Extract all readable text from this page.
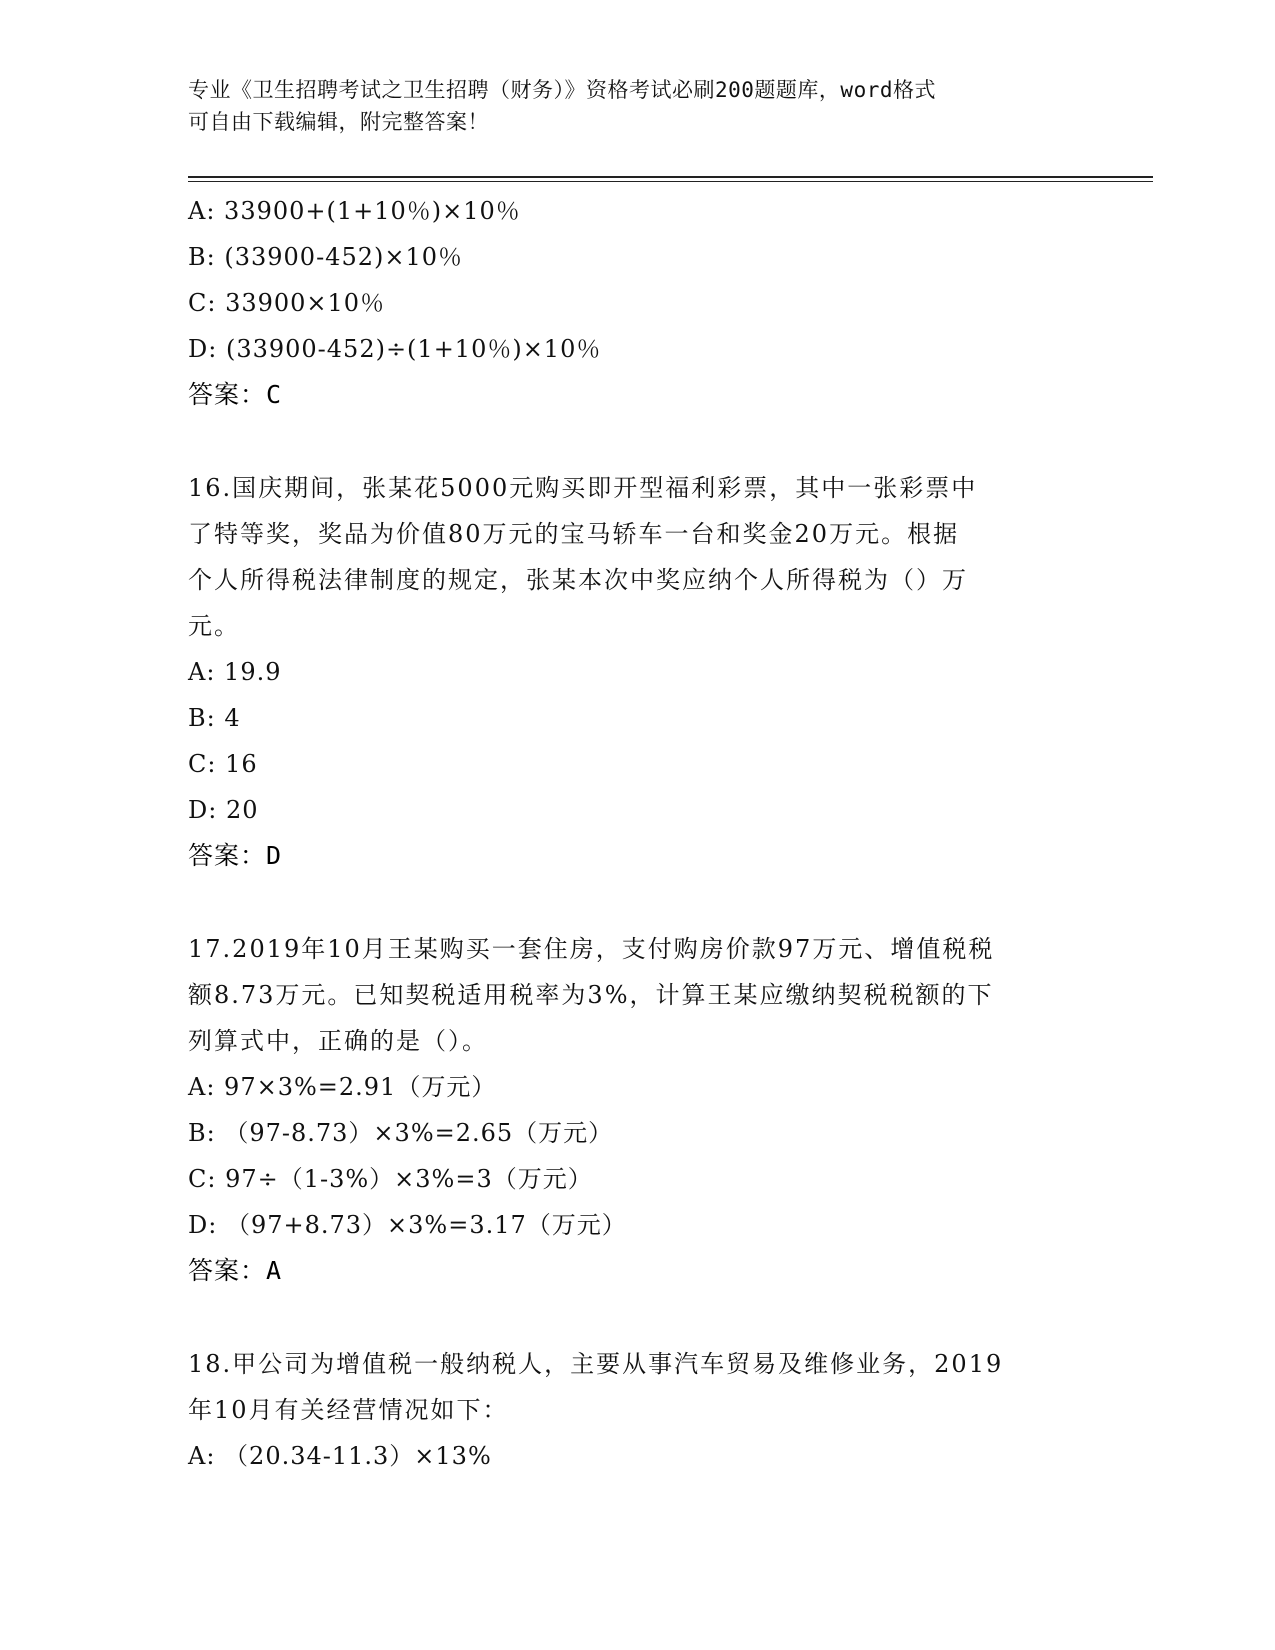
专业《卫生招聘考试之卫生招聘（财务）》资格考试必刷200题题库，word格式
可自由下载编辑，附完整答案！
A: 33900+(1+10％)×10％
B: (33900-452)×10％
C: 33900×10％
D: (33900-452)÷(1+10％)×10％
答案：C
16.国庆期间，张某花5000元购买即开型福利彩票，其中一张彩票中
了特等奖，奖品为价值80万元的宝马轿车一台和奖金20万元。根据
个人所得税法律制度的规定，张某本次中奖应纳个人所得税为（）万
元。
A: 19.9
B: 4
C: 16
D: 20
答案：D
17.2019年10月王某购买一套住房，支付购房价款97万元、增值税税
额8.73万元。已知契税适用税率为3%，计算王某应缴纳契税税额的下
列算式中，正确的是（）。
A: 97×3%=2.91（万元）
B: （97-8.73）×3%=2.65（万元）
C: 97÷（1-3%）×3%=3（万元）
D: （97+8.73）×3%=3.17（万元）
答案：A
18.甲公司为增值税一般纳税人，主要从事汽车贸易及维修业务，2019
年10月有关经营情况如下：
A: （20.34-11.3）×13%
